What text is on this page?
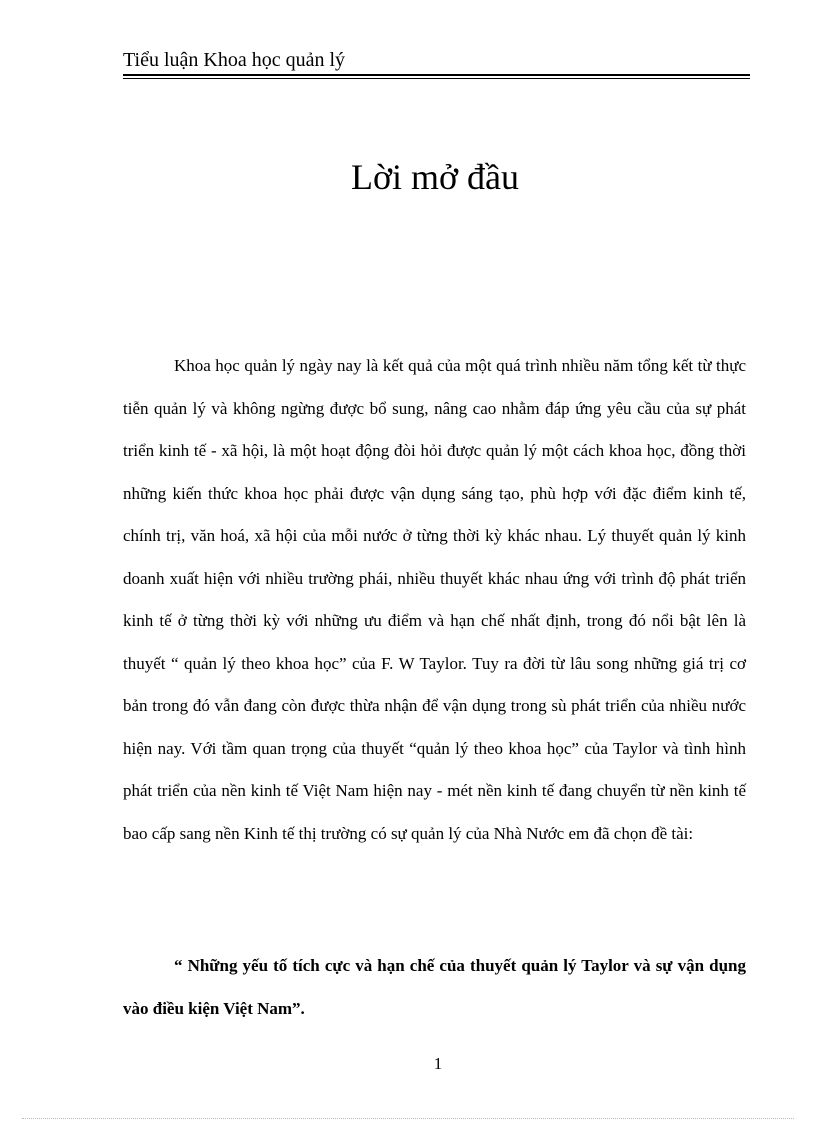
Tiểu luận Khoa học quản lý
Lời mở đầu

Khoa học quản lý ngày nay là kết quả của một quá trình nhiều năm tổng kết từ thực tiễn quản lý và không ngừng được bổ sung, nâng cao nhằm đáp ứng yêu cầu của sự phát triển kinh tế - xã hội, là một hoạt động đòi hỏi được quản lý một cách khoa học, đồng thời những kiến thức khoa học phải được vận dụng sáng tạo, phù hợp với đặc điểm kinh tế, chính trị, văn hoá, xã hội của mỗi nước ở từng thời kỳ khác nhau. Lý thuyết quản lý kinh doanh xuất hiện với nhiều trường phái, nhiều thuyết khác nhau ứng với trình độ phát triển kinh tế ở từng thời kỳ với những ưu điểm và hạn chế nhất định, trong đó nổi bật lên là thuyết “ quản lý theo khoa học” của F. W Taylor. Tuy ra đời từ lâu song những giá trị cơ bản trong đó vẫn đang còn được thừa nhận để vận dụng trong sù phát triển của nhiều nước hiện nay. Với tầm quan trọng của thuyết “quản lý theo khoa học” của Taylor và tình hình phát triển của nền kinh tế Việt Nam hiện nay - mét nền kinh tế đang chuyển từ nền kinh tế bao cấp sang nền Kinh tế thị trường có sự quản lý của Nhà Nước em đã chọn đề tài:

“ Những yếu tố tích cực và hạn chế của thuyết quản lý Taylor và sự vận dụng vào điều kiện Việt Nam”.

1
